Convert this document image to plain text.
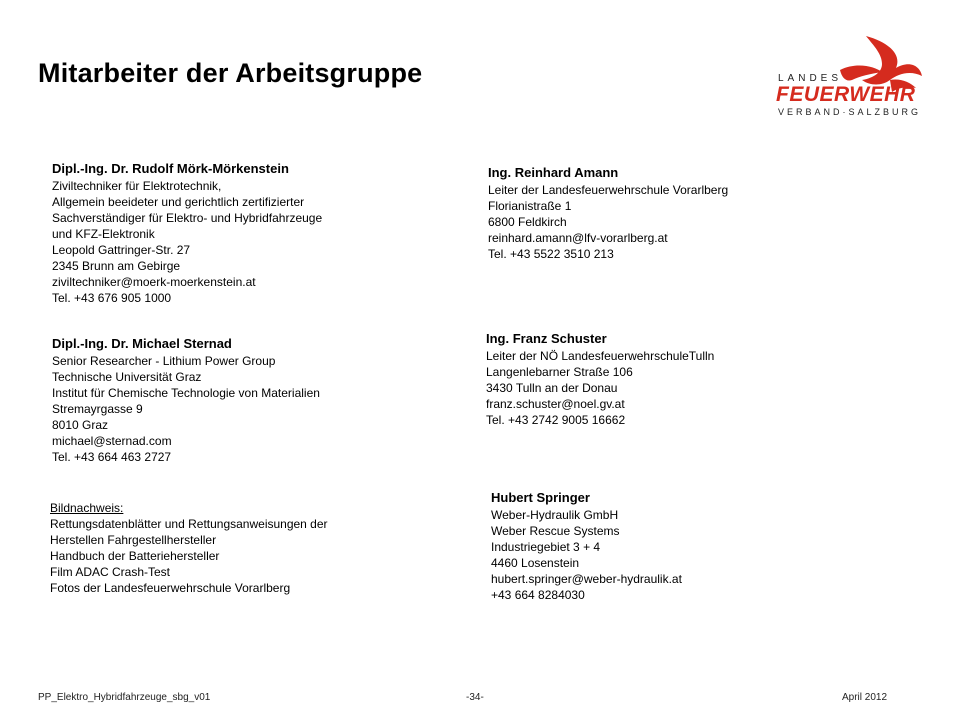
Mitarbeiter der Arbeitsgruppe	LANDES
FEUERWEHR
VERBAND·SALZBURG
Dipl.-Ing. Dr. Rudolf Mörk-Mörkenstein
Ziviltechniker für Elektrotechnik,
Allgemein beeideter und gerichtlich zertifizierter
Sachverständiger für Elektro- und Hybridfahrzeuge
und KFZ-Elektronik
Leopold Gattringer-Str. 27
2345 Brunn am Gebirge
ziviltechniker@moerk-moerkenstein.at
Tel. +43 676 905 1000
Ing. Reinhard Amann
Leiter der Landesfeuerwehrschule Vorarlberg
Florianistraße 1
6800 Feldkirch
reinhard.amann@lfv-vorarlberg.at
Tel. +43 5522 3510 213
Dipl.-Ing. Dr. Michael Sternad
Senior Researcher - Lithium Power Group
Technische Universität Graz
Institut für Chemische Technologie von Materialien
Stremayrgasse 9
8010 Graz
michael@sternad.com
Tel. +43 664 463 2727
Ing. Franz Schuster
Leiter der NÖ LandesfeuerwehrschuleTulln
Langenlebarner Straße 106
3430 Tulln an der Donau
franz.schuster@noel.gv.at
Tel. +43 2742 9005 16662
Hubert Springer
Weber-Hydraulik GmbH
Weber Rescue Systems
Industriegebiet 3 + 4
4460 Losenstein
hubert.springer@weber-hydraulik.at
+43 664 8284030
Bildnachweis:
Rettungsdatenblätter und Rettungsanweisungen der
Herstellen Fahrgestellhersteller
Handbuch der Batteriehersteller
Film ADAC Crash-Test
Fotos der Landesfeuerwehrschule Vorarlberg
PP_Elektro_Hybridfahrzeuge_sbg_v01	-34-	April 2012
